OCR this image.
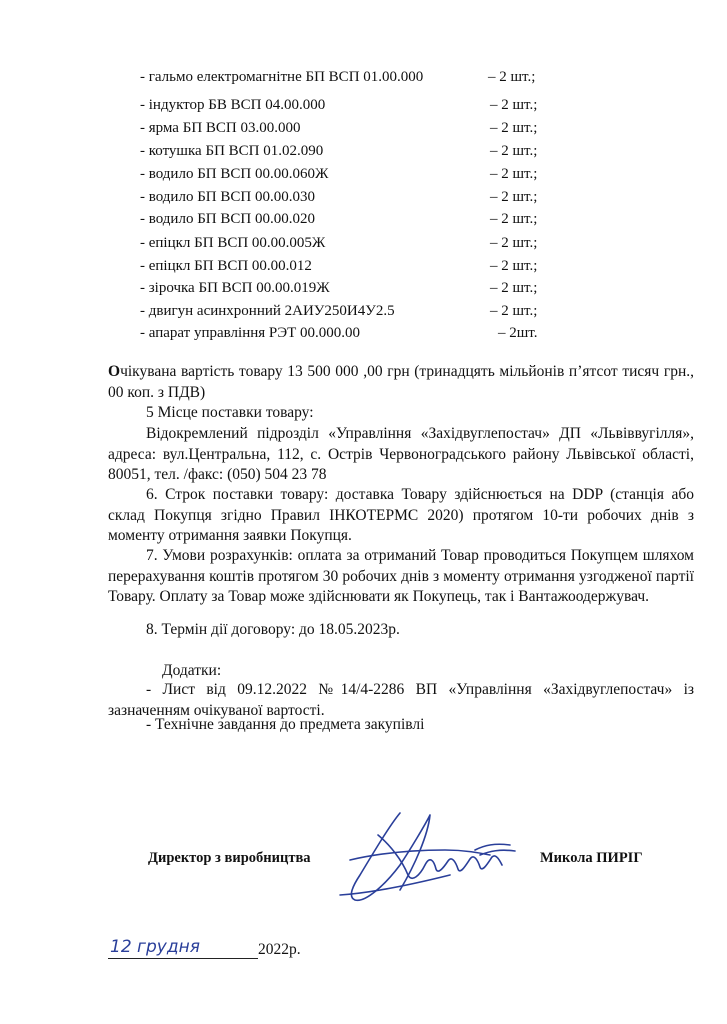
- гальмо електромагнітне БП ВСП 01.00.000	– 2 шт.;
- індуктор БВ ВСП 04.00.000	– 2 шт.;
- ярма БП ВСП 03.00.000	– 2 шт.;
- котушка БП ВСП 01.02.090	– 2 шт.;
- водило БП ВСП 00.00.060Ж	– 2 шт.;
- водило БП ВСП 00.00.030	– 2 шт.;
- водило БП ВСП 00.00.020	– 2 шт.;
- епіцкл БП ВСП 00.00.005Ж	– 2 шт.;
- епіцкл БП ВСП 00.00.012	– 2 шт.;
- зірочка БП ВСП 00.00.019Ж	– 2 шт.;
- двигун асинхронний 2АИУ250И4У2.5	– 2 шт.;
- апарат управління РЭТ 00.000.00	– 2шт.
Очікувана вартість товару 13 500 000 ,00 грн (тринадцять мільйонів п’ятсот тисяч грн., 00 коп. з ПДВ)
5 Місце поставки товару:
Відокремлений підрозділ «Управління «Західвуглепостач» ДП «Львіввугілля», адреса: вул.Центральна, 112, с. Острів Червоноградського району Львівської області, 80051, тел. /факс: (050) 504 23 78
6. Строк поставки товару: доставка Товару здійснюється на DDP (станція або склад Покупця згідно Правил ІНКОТЕРМС 2020) протягом 10-ти робочих днів з моменту отримання заявки Покупця.
7. Умови розрахунків: оплата за отриманий Товар проводиться Покупцем шляхом перерахування коштів протягом 30 робочих днів з моменту отримання узгодженої партії Товару. Оплату за Товар може здійснювати як Покупець, так і Вантажоодержувач.
8. Термін дії договору: до 18.05.2023р.
Додатки:
- Лист від 09.12.2022 №14/4-2286 ВП «Управління «Західвуглепостач» із зазначенням очікуваної вартості.
- Технічне завдання до предмета закупівлі
Директор з виробництва	Микола ПИРІГ
12 грудня	2022р.
